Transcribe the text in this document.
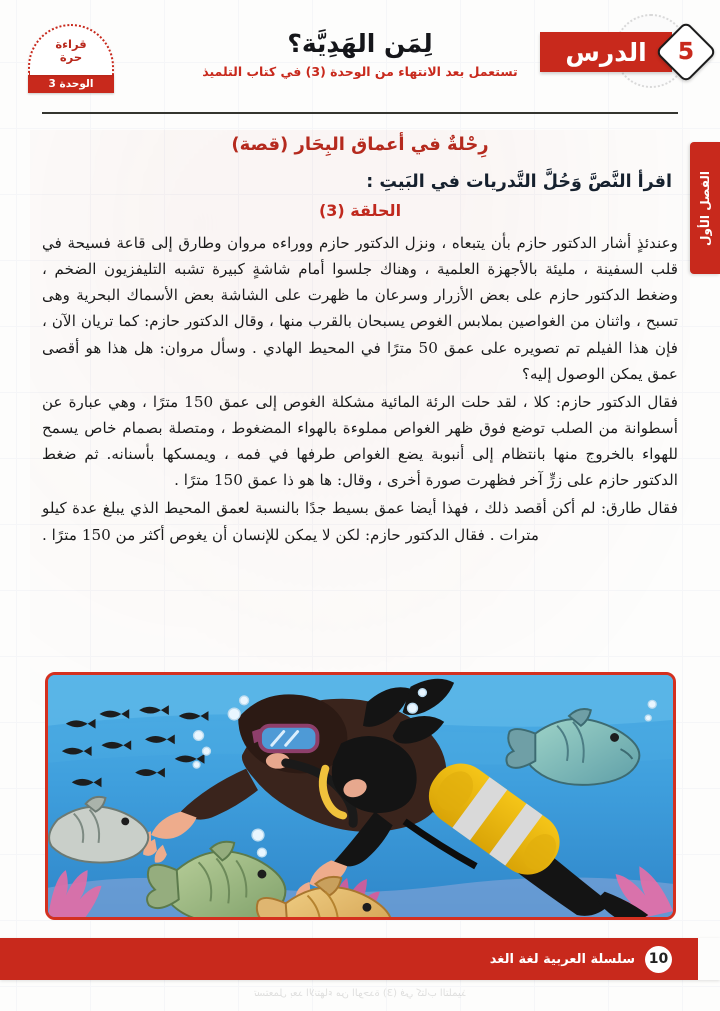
قراءة
حرة
الوحدة 3
لِمَن الهَدِيَّة؟
تستعمل بعد الانتهاء من الوحدة (3) في كتاب التلميذ
5
الدرس
الفصل الأول
رِحْلةٌ في أعماق البِحَار (قصة)
اقرأ النَّصَّ وَحُلَّ التَّدريات في البَيتِ :
الحلقة (3)

وعندئذٍ أشار الدكتور حازم بأن يتبعاه ، ونزل الدكتور حازم ووراءه مروان وطارق إلى قاعة فسيحة في قلب السفينة ، مليئة بالأجهزة العلمية ، وهناك جلسوا أمام شاشةٍ كبيرة تشبه التليفزيون الضخم ، وضغط الدكتور حازم على بعض الأزرار وسرعان ما ظهرت على الشاشة بعض الأسماك البحرية وهى تسبح ، واثنان من الغواصين بملابس الغوص يسبحان بالقرب منها ، وقال الدكتور حازم: كما تريان الآن ، فإن هذا الفيلم تم تصويره على عمق 50 مترًا في المحيط الهادي . وسأل مروان: هل هذا هو أقصى عمق يمكن الوصول إليه؟

فقال الدكتور حازم: كلا ، لقد حلت الرئة المائية مشكلة الغوص إلى عمق 150 مترًا ، وهي عبارة عن أسطوانة من الصلب توضع فوق ظهر الغواص مملوءة بالهواء المضغوط ، ومتصلة بصمام خاص يسمح للهواء بالخروج منها بانتظام إلى أنبوبة يضع الغواص طرفها في فمه ، ويمسكها بأسنانه. ثم ضغط الدكتور حازم على زرٍّ آخر فظهرت صورة أخرى ، وقال: ها هو ذا عمق 150 مترًا .

فقال طارق: لم أكن أقصد ذلك ، فهذا أيضا عمق بسيط جدًا بالنسبة لعمق المحيط الذي يبلغ عدة كيلو مترات . فقال الدكتور حازم: لكن لا يمكن للإنسان أن يغوص أكثر من 150 مترًا .

10
سلسلة العربية لغة الغد
تستعمل بعد الانتهاء من الوحدة (3) في كتاب التلميذ
